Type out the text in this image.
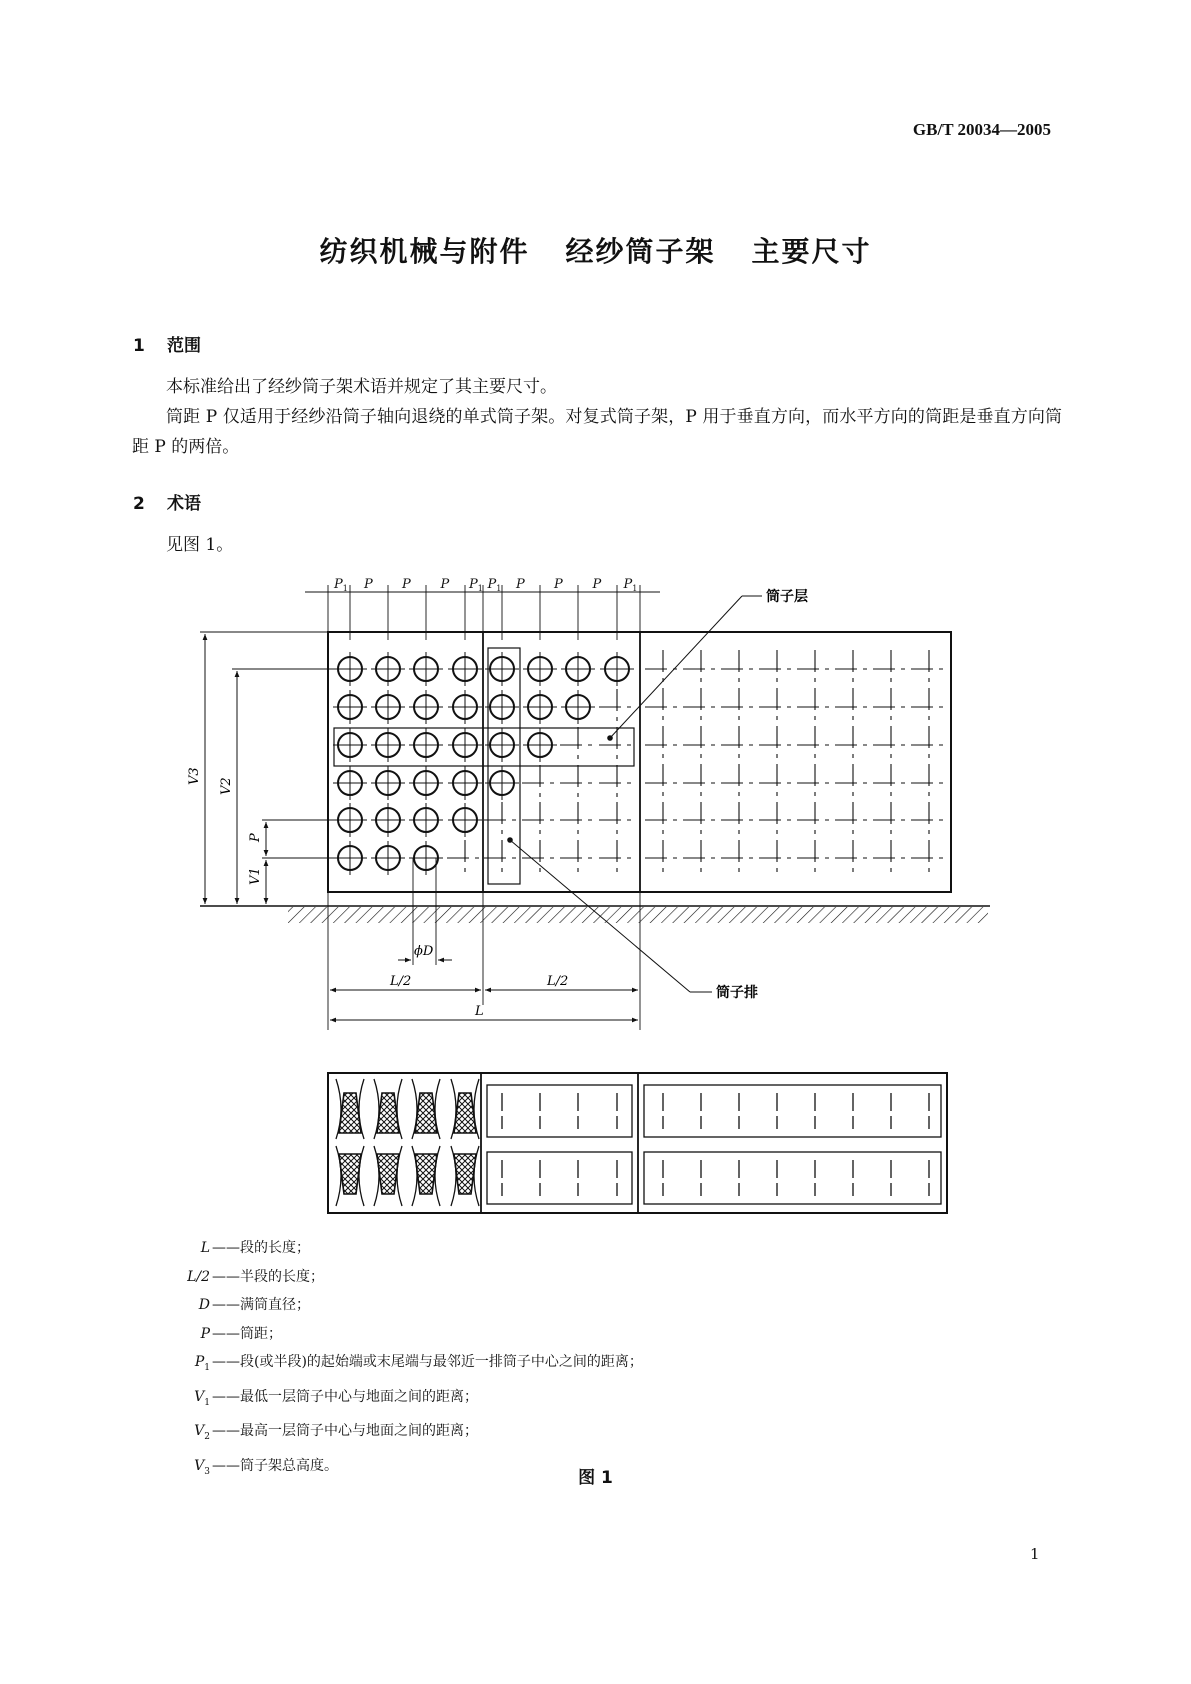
GB/T 20034—2005
纺织机械与附件 经纱筒子架 主要尺寸
1 范围

本标准给出了经纱筒子架术语并规定了其主要尺寸。

筒距 P 仅适用于经纱沿筒子轴向退绕的单式筒子架。对复式筒子架，P 用于垂直方向，而水平方向的筒距是垂直方向筒距 P 的两倍。

2 术语

见图 1。

$P_1$ P P P $P_1$ $P_1$ P P P $P_1$
V3
V2
P
V1
ϕD
L/2	L/2
L
筒子层
筒子排
L ——段的长度；
L/2 ——半段的长度；
D ——满筒直径；
P ——筒距；
$P_1$ ——段(或半段)的起始端或末尾端与最邻近一排筒子中心之间的距离；
$V_1$ ——最低一层筒子中心与地面之间的距离；
$V_2$ ——最高一层筒子中心与地面之间的距离；
$V_3$ ——筒子架总高度。
图 1
1
